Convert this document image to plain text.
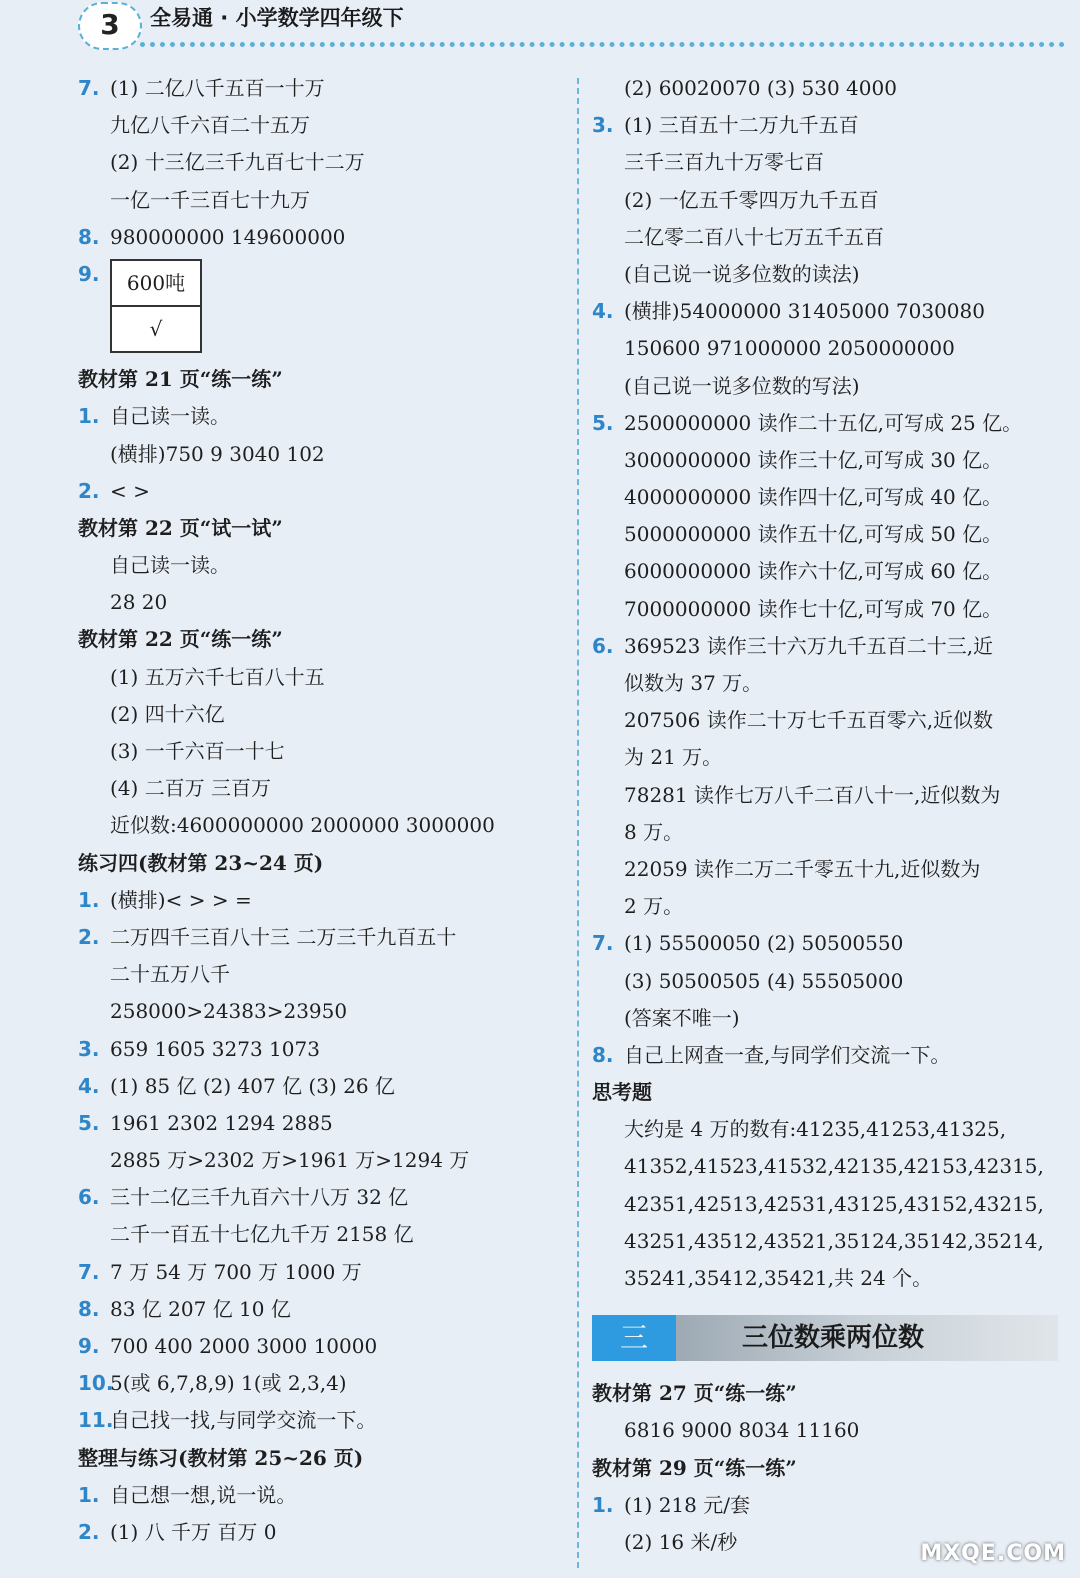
3	全易通 · 小学数学四年级下
7. (1) 二亿八千五百一十万
九亿八千六百二十五万
(2) 十三亿三千九百七十二万
一亿一千三百七十九万
8. 980000000 149600000
9.	600吨
√
教材第 21 页“练一练”
1. 自己读一读。
(横排)750 9 3040 102
2. < >
教材第 22 页“试一试”
自己读一读。
28 20
教材第 22 页“练一练”
(1) 五万六千七百八十五
(2) 四十六亿
(3) 一千六百一十七
(4) 二百万 三百万
近似数:4600000000 2000000 3000000
练习四(教材第 23~24 页)
1. (横排)< > > =
2. 二万四千三百八十三 二万三千九百五十
二十五万八千
258000>24383>23950
3. 659 1605 3273 1073
4. (1) 85 亿 (2) 407 亿 (3) 26 亿
5. 1961 2302 1294 2885
2885 万>2302 万>1961 万>1294 万
6. 三十二亿三千九百六十八万 32 亿
二千一百五十七亿九千万 2158 亿
7. 7 万 54 万 700 万 1000 万
8. 83 亿 207 亿 10 亿
9. 700 400 2000 3000 10000
10.5(或 6,7,8,9) 1(或 2,3,4)
11.自己找一找,与同学交流一下。
整理与练习(教材第 25~26 页)
1. 自己想一想,说一说。
2. (1) 八 千万 百万 0
(2) 60020070 (3) 530 4000
3. (1) 三百五十二万九千五百
三千三百九十万零七百
(2) 一亿五千零四万九千五百
二亿零二百八十七万五千五百
(自己说一说多位数的读法)
4. (横排)54000000 31405000 7030080
150600 971000000 2050000000
(自己说一说多位数的写法)
5. 2500000000 读作二十五亿,可写成 25 亿。
3000000000 读作三十亿,可写成 30 亿。
4000000000 读作四十亿,可写成 40 亿。
5000000000 读作五十亿,可写成 50 亿。
6000000000 读作六十亿,可写成 60 亿。
7000000000 读作七十亿,可写成 70 亿。
6. 369523 读作三十六万九千五百二十三,近
似数为 37 万。
207506 读作二十万七千五百零六,近似数
为 21 万。
78281 读作七万八千二百八十一,近似数为
8 万。
22059 读作二万二千零五十九,近似数为
2 万。
7. (1) 55500050 (2) 50500550
(3) 50500505 (4) 55505000
(答案不唯一)
8. 自己上网查一查,与同学们交流一下。
思考题
大约是 4 万的数有:41235,41253,41325,
41352,41523,41532,42135,42153,42315,
42351,42513,42531,43125,43152,43215,
43251,43512,43521,35124,35142,35214,
35241,35412,35421,共 24 个。
三	三位数乘两位数
教材第 27 页“练一练”
6816 9000 8034 11160
教材第 29 页“练一练”
1. (1) 218 元/套
(2) 16 米/秒	MXQE.COM
